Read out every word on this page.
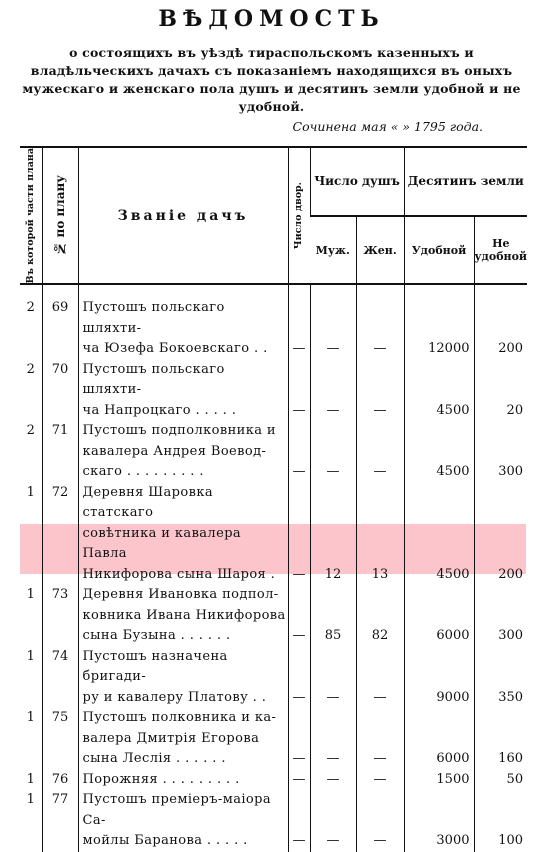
ВѢДОМОСТЬ
о состоящихъ въ уѣздѣ тираспольскомъ казенныхъ и владѣльческихъ дачахъ съ показаніемъ находящихся въ оныхъ мужескаго и женскаго пола душъ и десятинъ земли удобной и не удобной.
Сочинена мая « » 1795 года.
Въ которой части плана	№ по плану	Званіе дачъ	Число двор.	Число душъ		Десятинъ земли	
				Муж.	Жен.	Удобной	Не удобной

2	69	Пустошъ польскаго шляхти-
ча Юзефа Бокоевскаго . .	—	—	—	12000	200
2	70	Пустошъ польскаго шляхти-
ча Напроцкаго . . . . .	—	—	—	4500	20
2	71	Пустошъ подполковника и
кавалера Андрея Воевод-
скаго . . . . . . . . .	—	—	—	4500	300
1	72	Деревня Шаровка статскаго
совѣтника и кавалера Павла
Никифорова сына Шароя .	—	12	13	4500	200
1	73	Деревня Ивановка подпол-
ковника Ивана Никифорова
сына Бузына . . . . . .	—	85	82	6000	300
1	74	Пустошъ назначена бригади-
ру и кавалеру Платову . .	—	—	—	9000	350
1	75	Пустошъ полковника и ка-
валера Дмитрія Егорова
сына Леслія . . . . . .	—	—	—	6000	160
1	76	Порожняя . . . . . . . . .	—	—	—	1500	50
1	77	Пустошъ премiеръ-маiора Са-
мойлы Баранова . . . . .	—	—	—	3000	100
